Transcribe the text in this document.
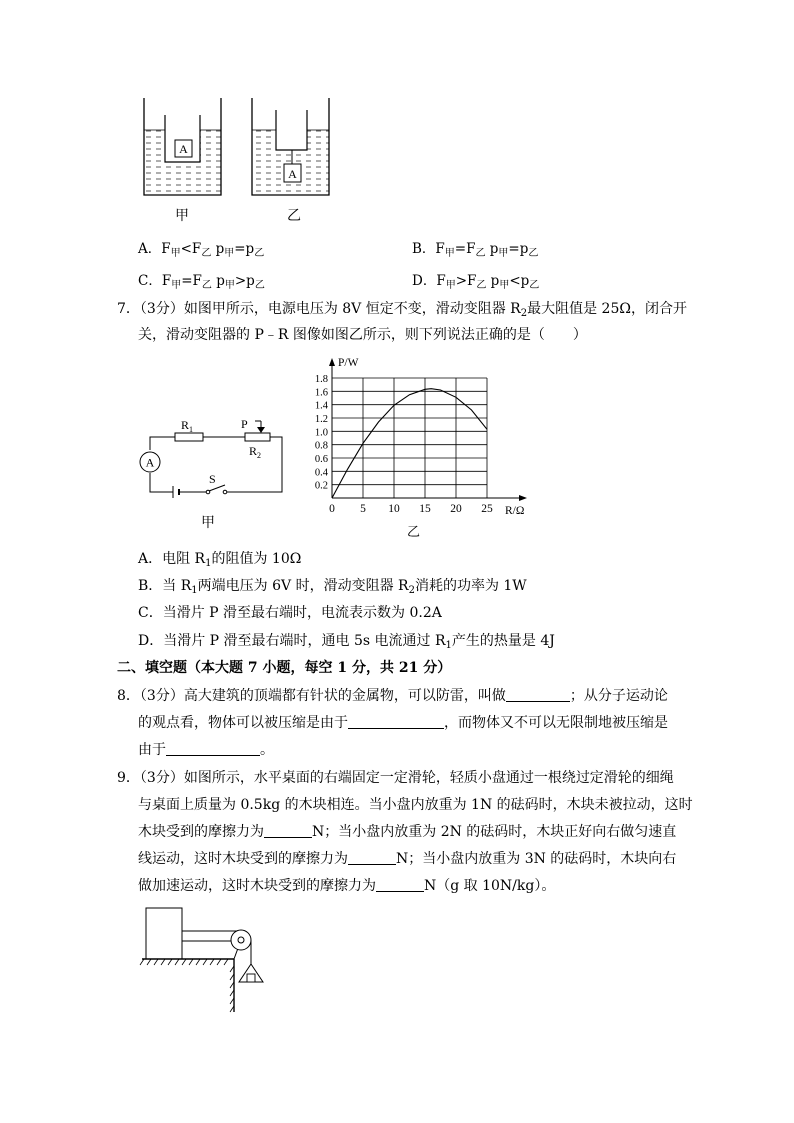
A
A
甲	乙
A．$F_甲<F_乙$ $p_甲=p_乙$	B．$F_甲=F_乙$ $p_甲=p_乙$
C．$F_甲=F_乙$ $p_甲>p_乙$	D．$F_甲>F_乙$ $p_甲<p_乙$
7．（3分）如图甲所示，电源电压为 8V 恒定不变，滑动变阻器 $R_2$最大阻值是 25Ω，闭合开
关，滑动变阻器的 P﹣R 图像如图乙所示，则下列说法正确的是（　　）
A
$R_1$	P
$R_2$
S
甲
0.2
0.4
0.6
0.8
1.0
1.2
1.4
1.6
1.8
0 5 10 15 20 25 R/Ω
P/W
乙
A．电阻 $R_1$的阻值为 10Ω
B．当 $R_1$两端电压为 6V 时，滑动变阻器 $R_2$消耗的功率为 1W
C．当滑片 P 滑至最右端时，电流表示数为 0.2A
D．当滑片 P 滑至最右端时，通电 5s 电流通过 $R_1$产生的热量是 4J
二、填空题（本大题 7 小题，每空 1 分，共 21 分）
8．（3分）高大建筑的顶端都有针状的金属物，可以防雷，叫做	；从分子运动论
的观点看，物体可以被压缩是由于	，而物体又不可以无限制地被压缩是
由于	。
9．（3分）如图所示，水平桌面的右端固定一定滑轮，轻质小盘通过一根绕过定滑轮的细绳
与桌面上质量为 0.5kg 的木块相连。当小盘内放重为 1N 的砝码时，木块未被拉动，这时
木块受到的摩擦力为	N；当小盘内放重为 2N 的砝码时，木块正好向右做匀速直
线运动，这时木块受到的摩擦力为	N；当小盘内放重为 3N 的砝码时，木块向右
做加速运动，这时木块受到的摩擦力为	N（g 取 10N/kg）。
